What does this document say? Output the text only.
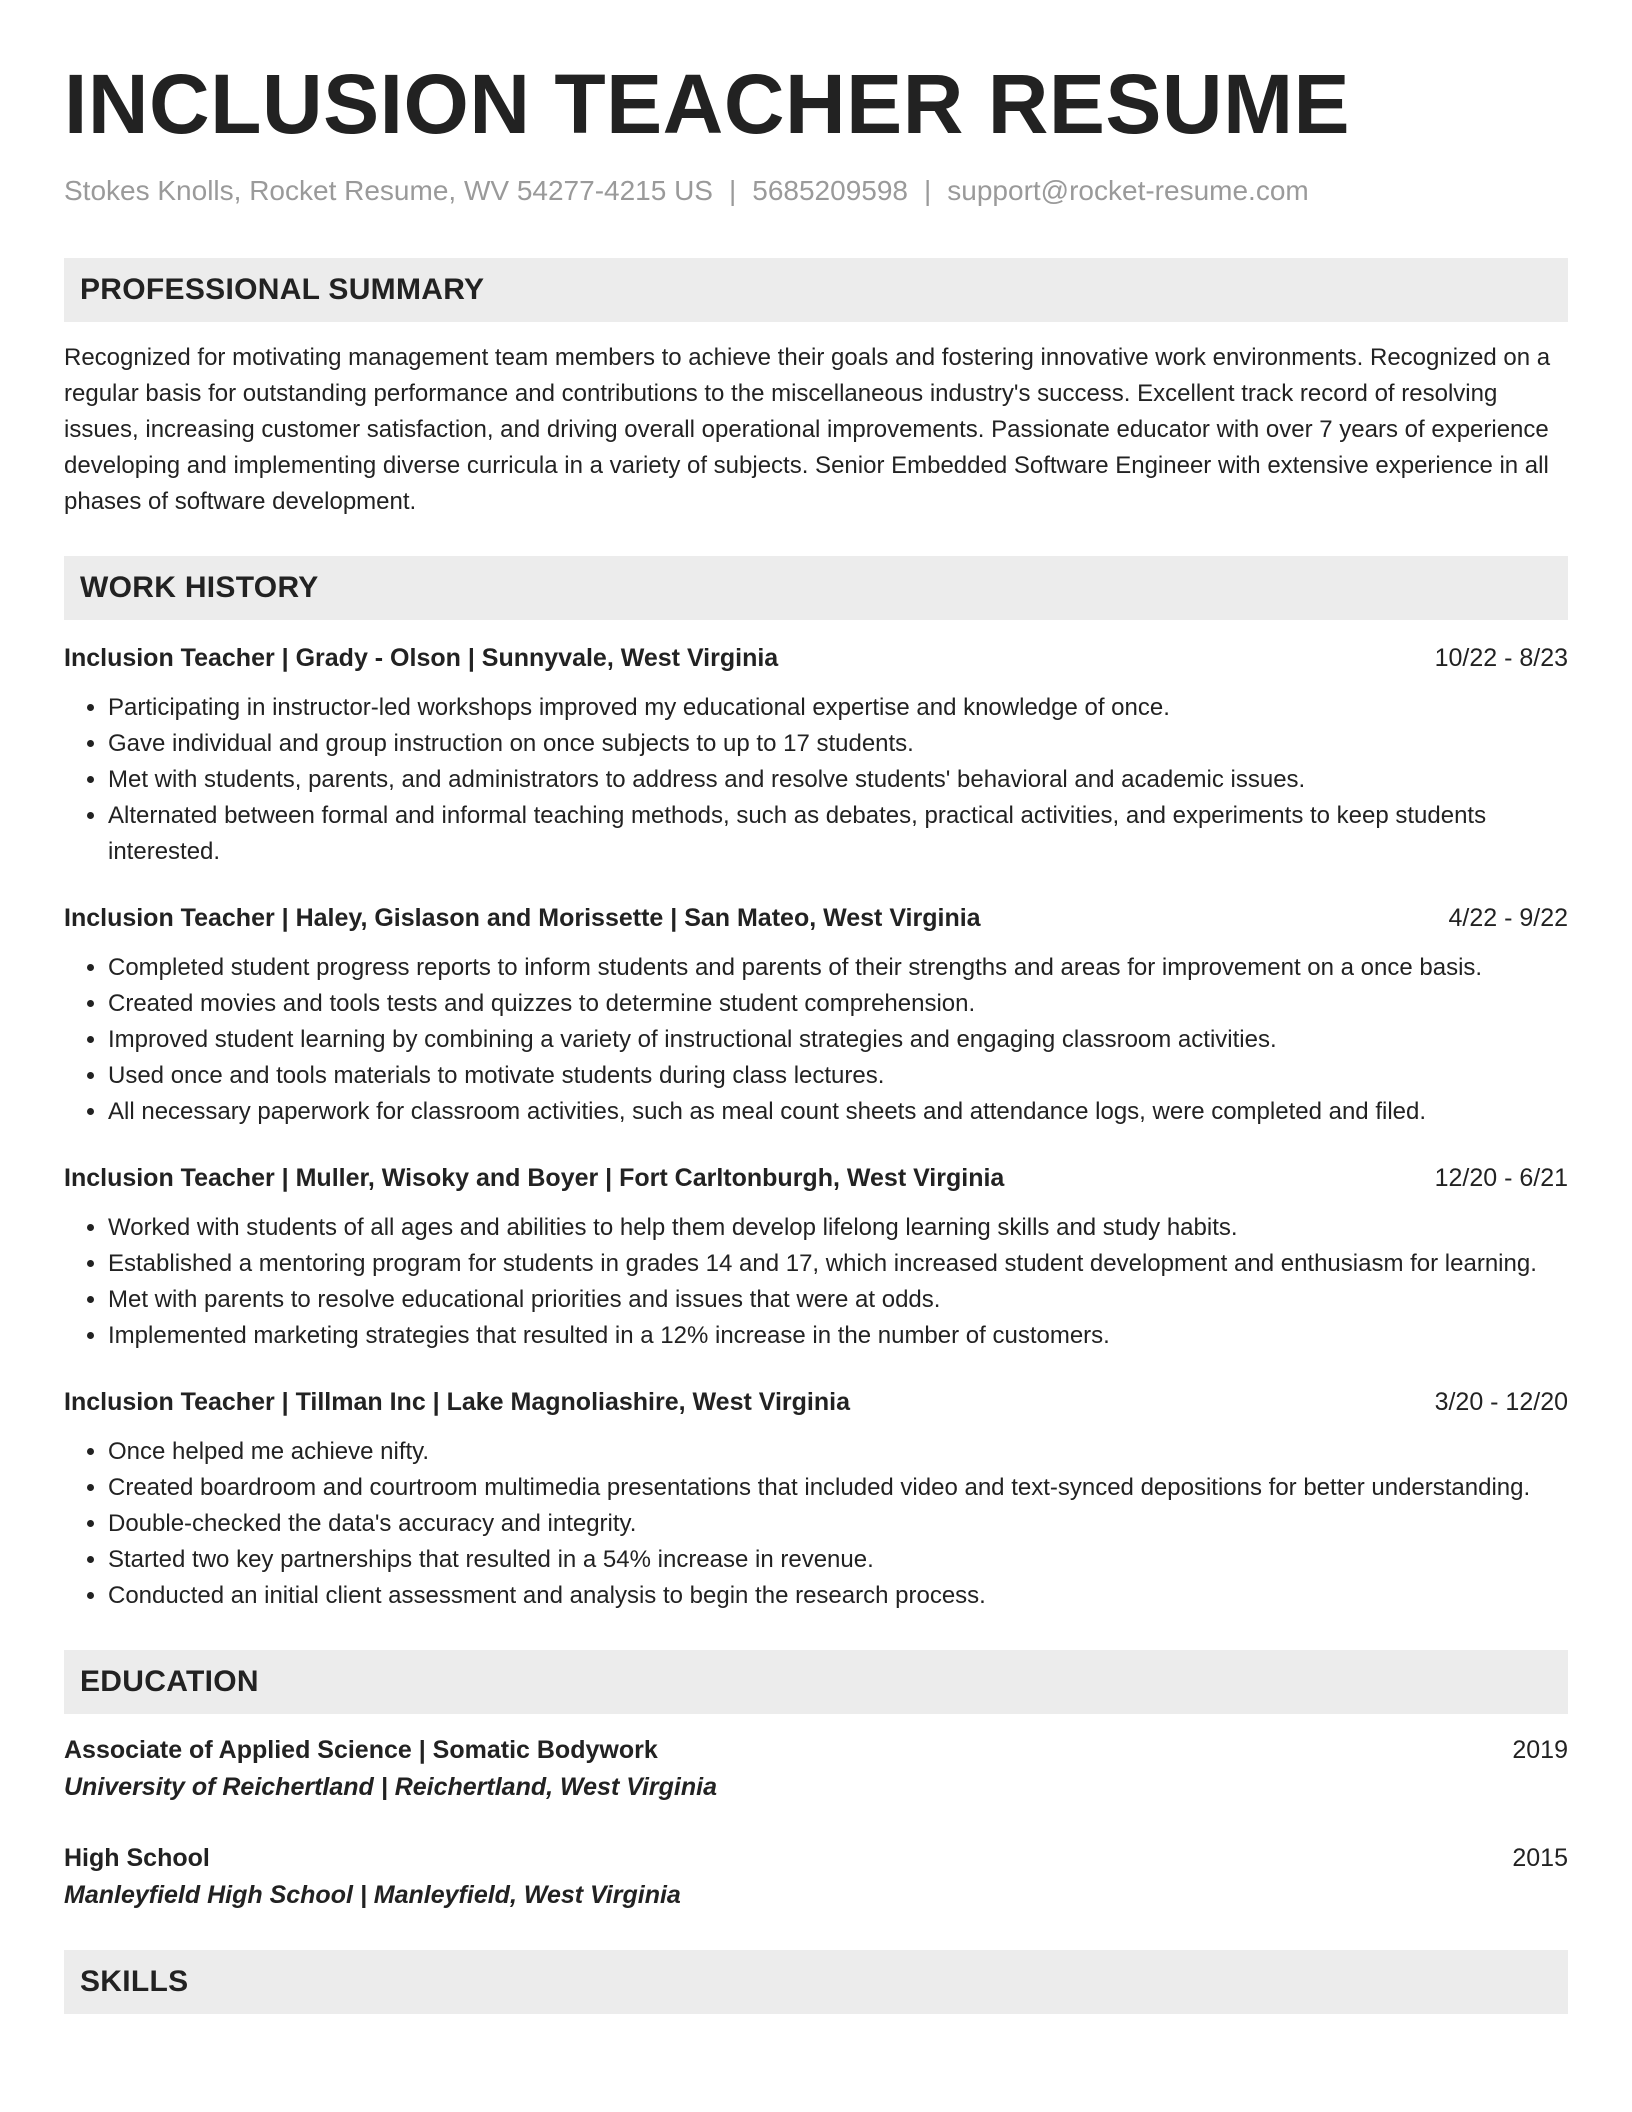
INCLUSION TEACHER RESUME
Stokes Knolls, Rocket Resume, WV 54277-4215 US | 5685209598 | support@rocket-resume.com
PROFESSIONAL SUMMARY
Recognized for motivating management team members to achieve their goals and fostering innovative work environments. Recognized on a regular basis for outstanding performance and contributions to the miscellaneous industry's success. Excellent track record of resolving issues, increasing customer satisfaction, and driving overall operational improvements. Passionate educator with over 7 years of experience developing and implementing diverse curricula in a variety of subjects. Senior Embedded Software Engineer with extensive experience in all phases of software development.
WORK HISTORY
Inclusion Teacher | Grady - Olson | Sunnyvale, West Virginia	10/22 - 8/23
• Participating in instructor-led workshops improved my educational expertise and knowledge of once.
• Gave individual and group instruction on once subjects to up to 17 students.
• Met with students, parents, and administrators to address and resolve students' behavioral and academic issues.
• Alternated between formal and informal teaching methods, such as debates, practical activities, and experiments to keep students interested.
Inclusion Teacher | Haley, Gislason and Morissette | San Mateo, West Virginia	4/22 - 9/22
• Completed student progress reports to inform students and parents of their strengths and areas for improvement on a once basis.
• Created movies and tools tests and quizzes to determine student comprehension.
• Improved student learning by combining a variety of instructional strategies and engaging classroom activities.
• Used once and tools materials to motivate students during class lectures.
• All necessary paperwork for classroom activities, such as meal count sheets and attendance logs, were completed and filed.
Inclusion Teacher | Muller, Wisoky and Boyer | Fort Carltonburgh, West Virginia	12/20 - 6/21
• Worked with students of all ages and abilities to help them develop lifelong learning skills and study habits.
• Established a mentoring program for students in grades 14 and 17, which increased student development and enthusiasm for learning.
• Met with parents to resolve educational priorities and issues that were at odds.
• Implemented marketing strategies that resulted in a 12% increase in the number of customers.
Inclusion Teacher | Tillman Inc | Lake Magnoliashire, West Virginia	3/20 - 12/20
• Once helped me achieve nifty.
• Created boardroom and courtroom multimedia presentations that included video and text-synced depositions for better understanding.
• Double-checked the data's accuracy and integrity.
• Started two key partnerships that resulted in a 54% increase in revenue.
• Conducted an initial client assessment and analysis to begin the research process.
EDUCATION
Associate of Applied Science | Somatic Bodywork	2019
University of Reichertland | Reichertland, West Virginia
High School	2015
Manleyfield High School | Manleyfield, West Virginia
SKILLS
